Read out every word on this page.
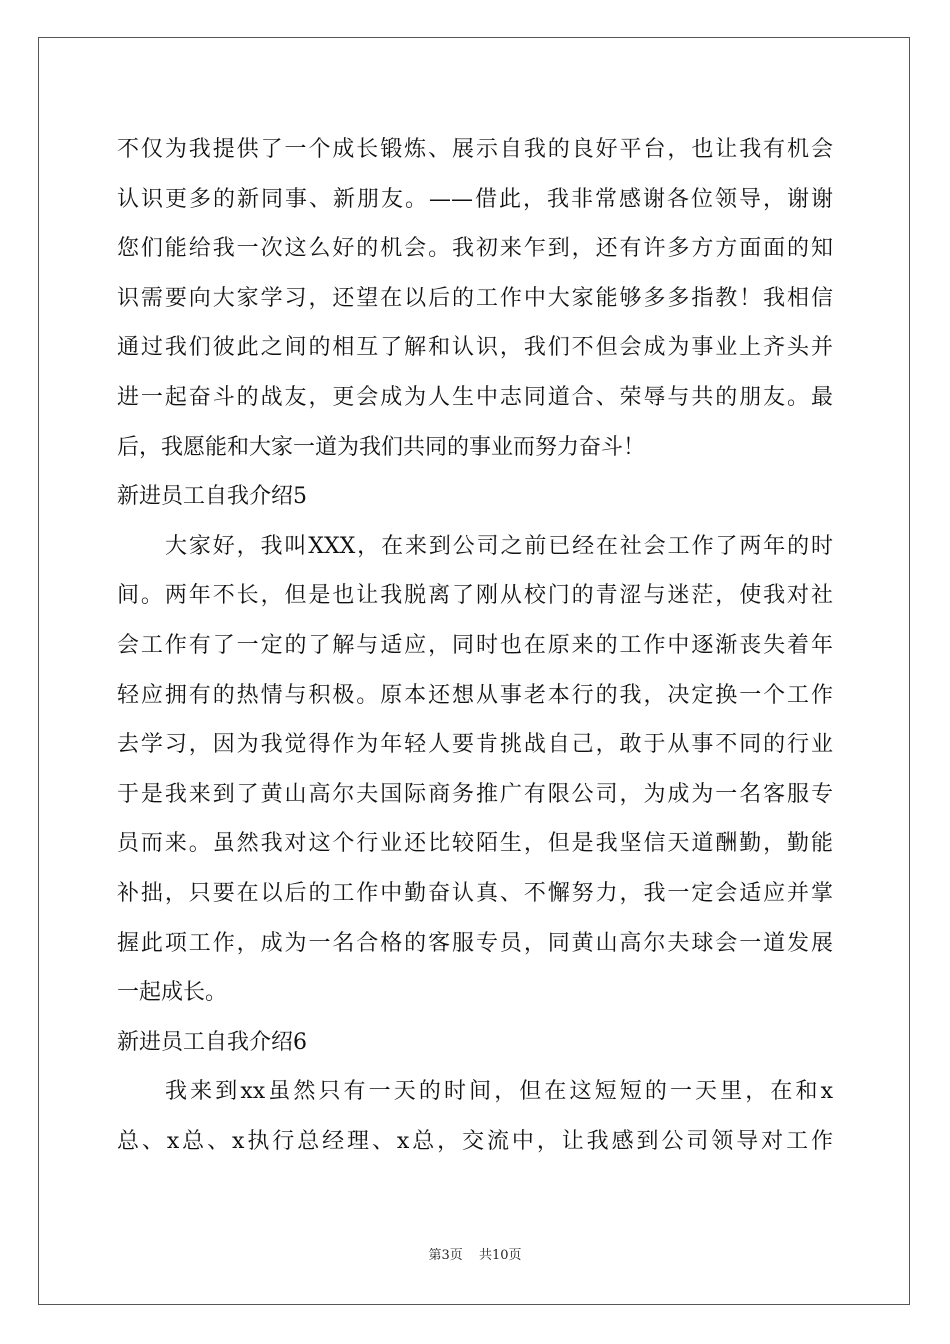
不仅为我提供了一个成长锻炼、展示自我的良好平台，也让我有机会
认识更多的新同事、新朋友。——借此，我非常感谢各位领导，谢谢
您们能给我一次这么好的机会。我初来乍到，还有许多方方面面的知
识需要向大家学习，还望在以后的工作中大家能够多多指教！我相信
通过我们彼此之间的相互了解和认识，我们不但会成为事业上齐头并
进一起奋斗的战友，更会成为人生中志同道合、荣辱与共的朋友。最
后，我愿能和大家一道为我们共同的事业而努力奋斗！
新进员工自我介绍5
大家好，我叫XXX，在来到公司之前已经在社会工作了两年的时
间。两年不长，但是也让我脱离了刚从校门的青涩与迷茫，使我对社
会工作有了一定的了解与适应，同时也在原来的工作中逐渐丧失着年
轻应拥有的热情与积极。原本还想从事老本行的我，决定换一个工作
去学习，因为我觉得作为年轻人要肯挑战自己，敢于从事不同的行业
于是我来到了黄山高尔夫国际商务推广有限公司，为成为一名客服专
员而来。虽然我对这个行业还比较陌生，但是我坚信天道酬勤，勤能
补拙，只要在以后的工作中勤奋认真、不懈努力，我一定会适应并掌
握此项工作，成为一名合格的客服专员，同黄山高尔夫球会一道发展
一起成长。
新进员工自我介绍6
我来到xx虽然只有一天的时间，但在这短短的一天里，在和x
总、x总、x执行总经理、x总，交流中，让我感到公司领导对工作
第3页 共10页
